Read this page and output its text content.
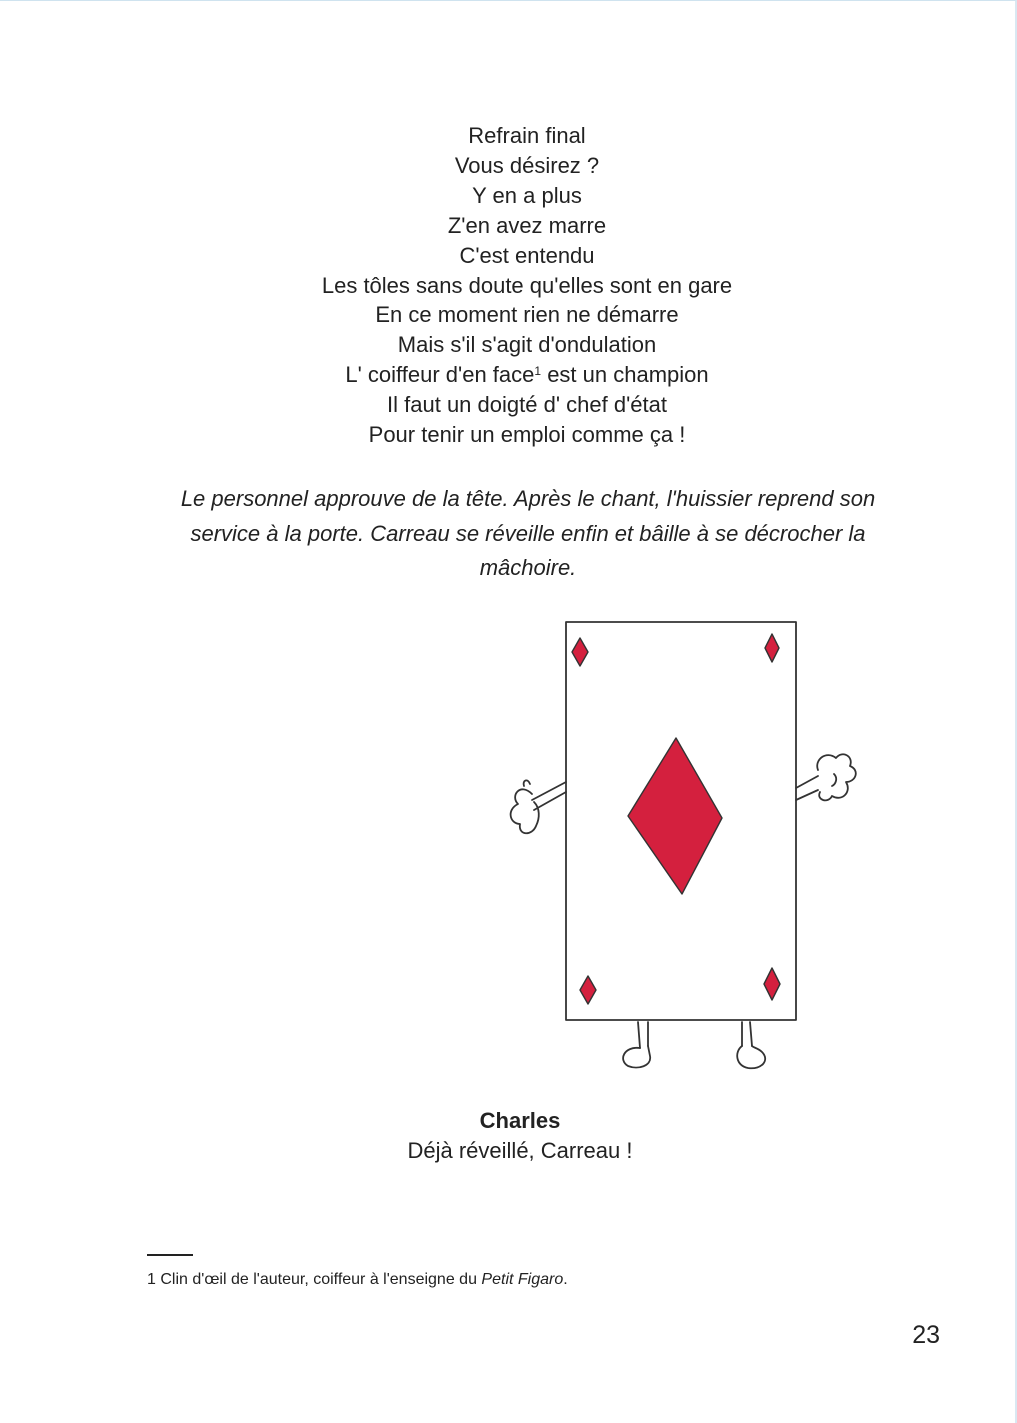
Refrain final
Vous désirez ?
Y en a plus
Z'en avez marre
C'est entendu
Les tôles sans doute qu'elles sont en gare
En ce moment rien ne démarre
Mais s'il s'agit d'ondulation
L' coiffeur d'en face$^1$ est un champion
Il faut un doigté d' chef d'état
Pour tenir un emploi comme ça !
Le personnel approuve de la tête. Après le chant, l'huissier reprend son service à la porte. Carreau se réveille enfin et bâille à se décrocher la mâchoire.
Charles
Déjà réveillé, Carreau !
1 Clin d'œil de l'auteur, coiffeur à l'enseigne du Petit Figaro.
23
